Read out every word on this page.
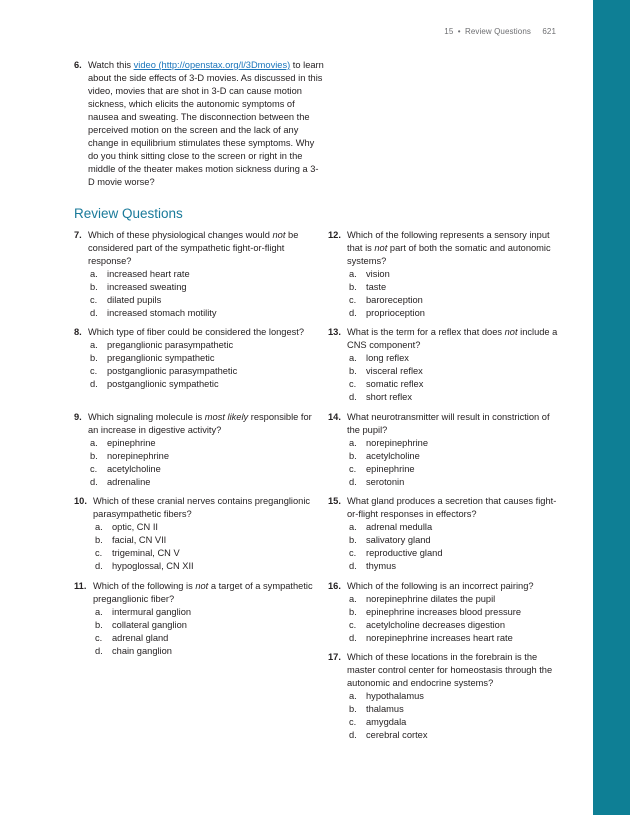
15 • Review Questions 621
6. Watch this video (http://openstax.org/l/3Dmovies) to learn about the side effects of 3-D movies. As discussed in this video, movies that are shot in 3-D can cause motion sickness, which elicits the autonomic symptoms of nausea and sweating. The disconnection between the perceived motion on the screen and the lack of any change in equilibrium stimulates these symptoms. Why do you think sitting close to the screen or right in the middle of the theater makes motion sickness during a 3-D movie worse?
Review Questions
7. Which of these physiological changes would not be considered part of the sympathetic fight-or-flight response?
a. increased heart rate
b. increased sweating
c. dilated pupils
d. increased stomach motility
8. Which type of fiber could be considered the longest?
a. preganglionic parasympathetic
b. preganglionic sympathetic
c. postganglionic parasympathetic
d. postganglionic sympathetic
9. Which signaling molecule is most likely responsible for an increase in digestive activity?
a. epinephrine
b. norepinephrine
c. acetylcholine
d. adrenaline
10. Which of these cranial nerves contains preganglionic parasympathetic fibers?
a. optic, CN II
b. facial, CN VII
c. trigeminal, CN V
d. hypoglossal, CN XII
11. Which of the following is not a target of a sympathetic preganglionic fiber?
a. intermural ganglion
b. collateral ganglion
c. adrenal gland
d. chain ganglion
12. Which of the following represents a sensory input that is not part of both the somatic and autonomic systems?
a. vision
b. taste
c. baroreception
d. proprioception
13. What is the term for a reflex that does not include a CNS component?
a. long reflex
b. visceral reflex
c. somatic reflex
d. short reflex
14. What neurotransmitter will result in constriction of the pupil?
a. norepinephrine
b. acetylcholine
c. epinephrine
d. serotonin
15. What gland produces a secretion that causes fight-or-flight responses in effectors?
a. adrenal medulla
b. salivatory gland
c. reproductive gland
d. thymus
16. Which of the following is an incorrect pairing?
a. norepinephrine dilates the pupil
b. epinephrine increases blood pressure
c. acetylcholine decreases digestion
d. norepinephrine increases heart rate
17. Which of these locations in the forebrain is the master control center for homeostasis through the autonomic and endocrine systems?
a. hypothalamus
b. thalamus
c. amygdala
d. cerebral cortex
